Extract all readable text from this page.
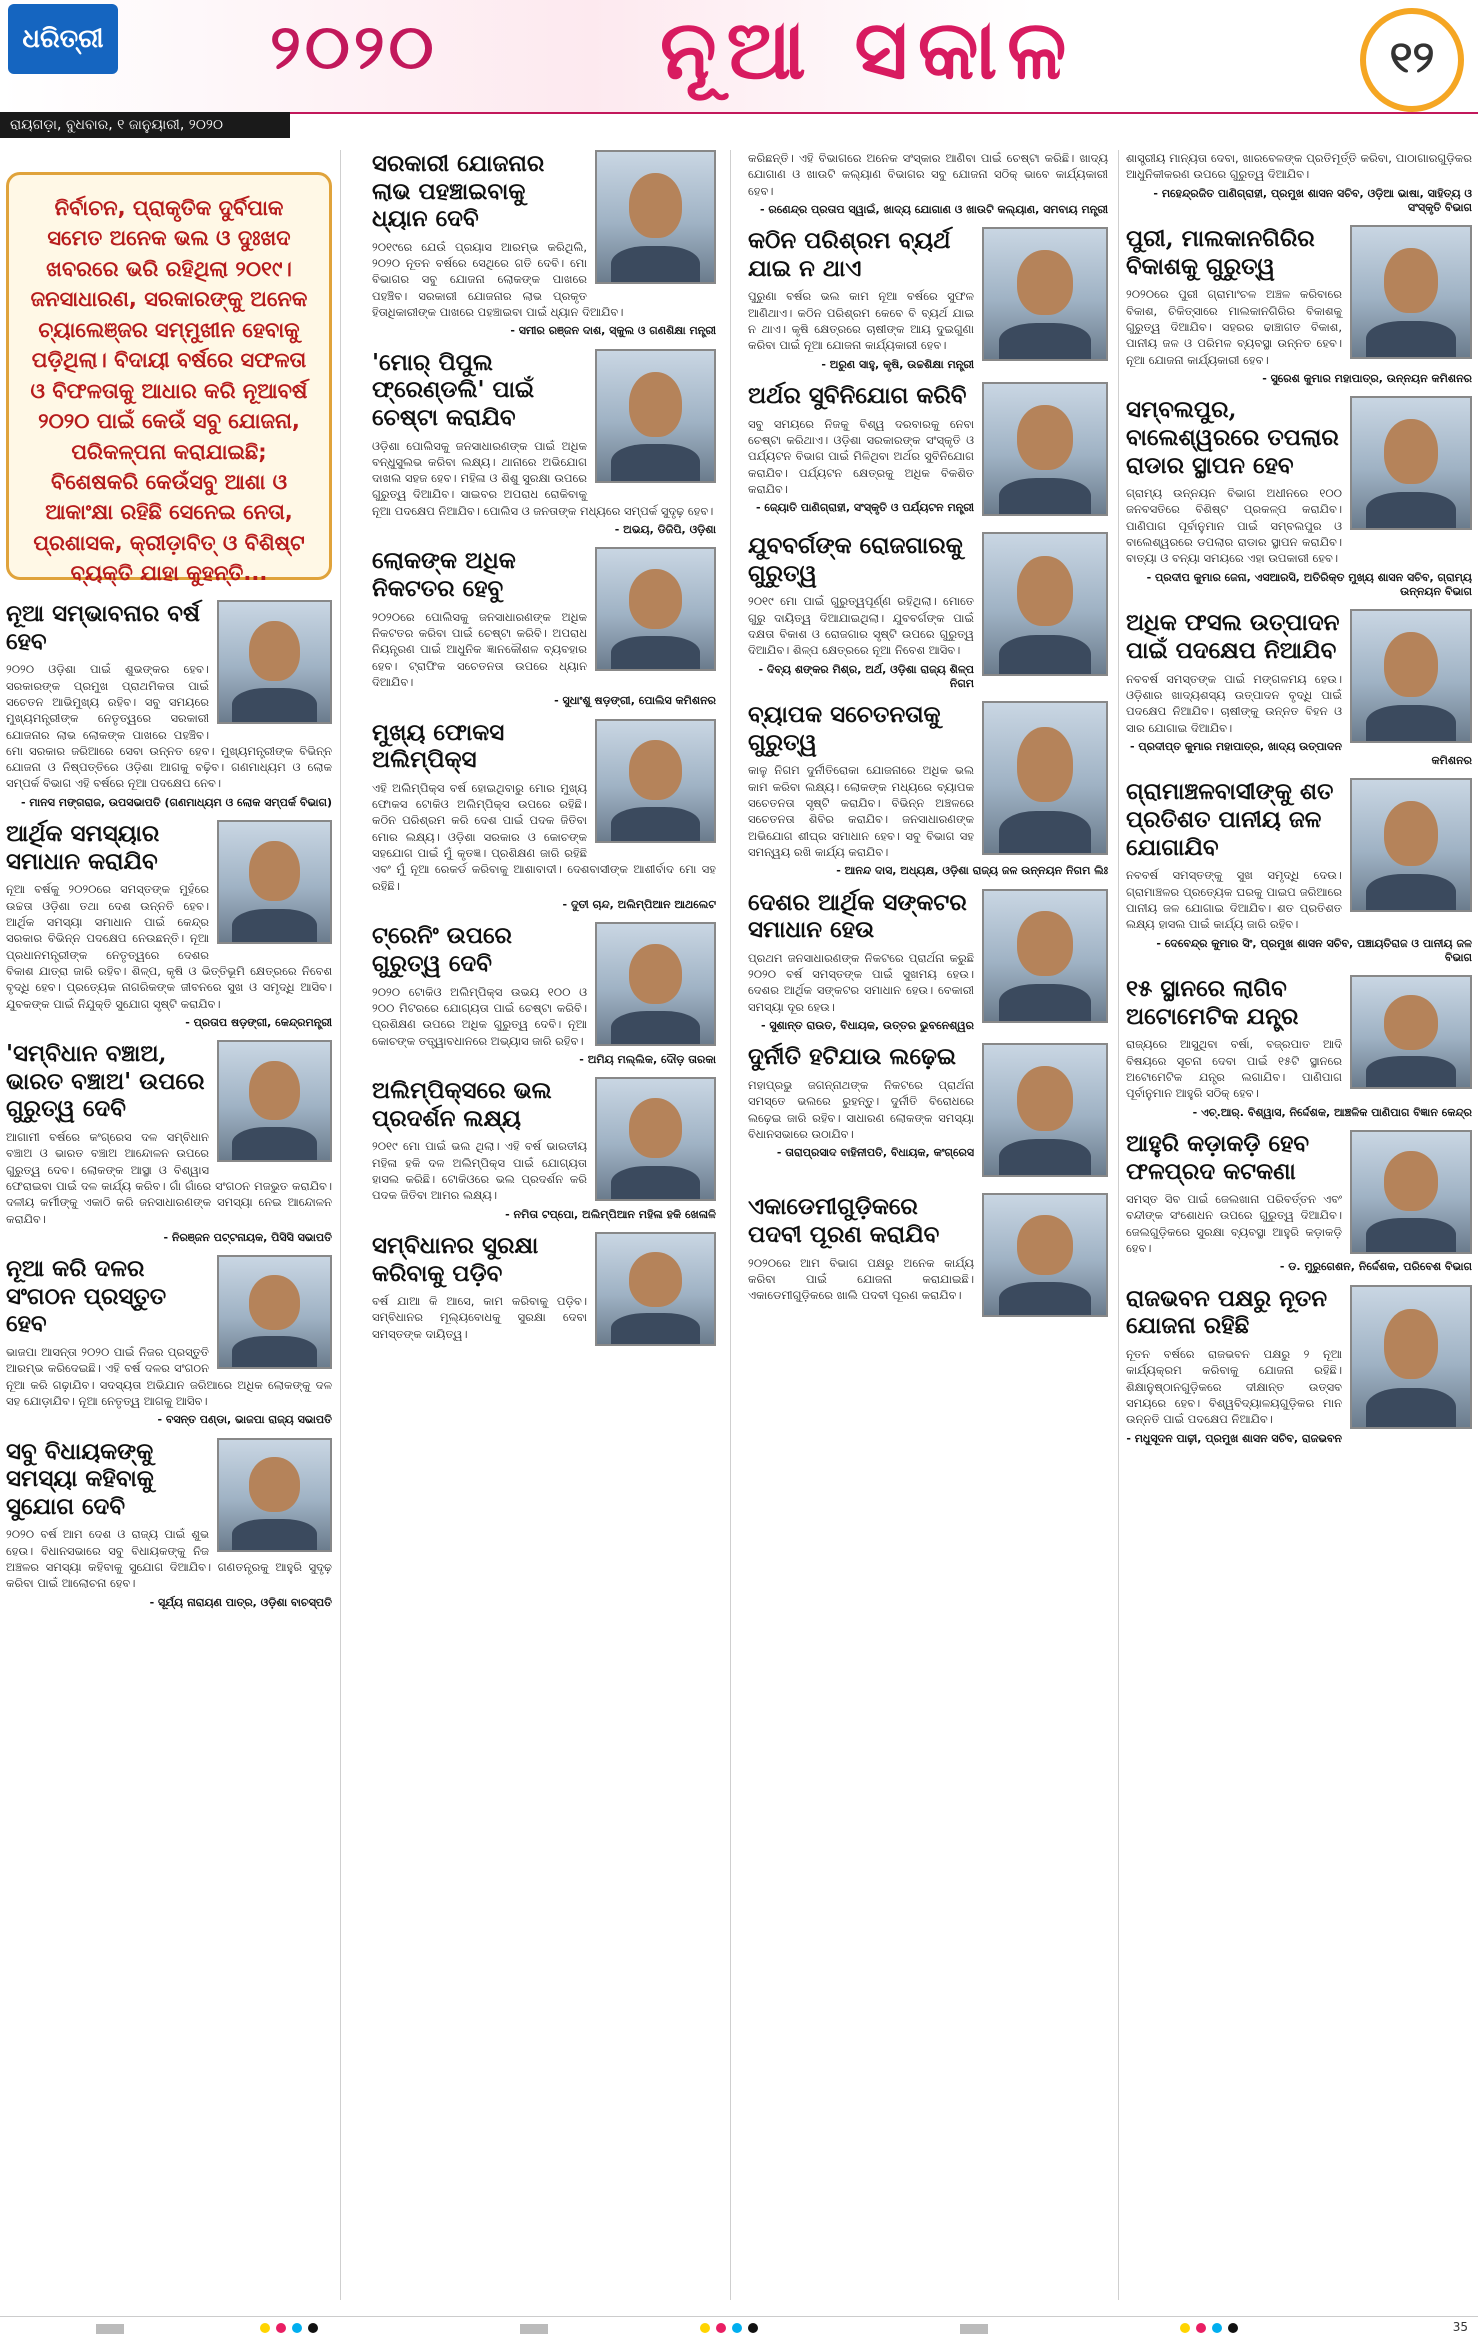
ଧରିତ୍ରୀ	୨୦୨୦	ନୂଆ ସକାଳ	୧୨
ରାୟଗଡ଼ା, ବୁଧବାର, ୧ ଜାନୁୟାରୀ, ୨୦୨୦
ନିର୍ବାଚନ, ପ୍ରାକୃତିକ ଦୁର୍ବିପାକ ସମେତ ଅନେକ ଭଲ ଓ ଦୁଃଖଦ ଖବରରେ ଭରି ରହିଥିଲା ୨୦୧୯। ଜନସାଧାରଣ, ସରକାରଙ୍କୁ ଅନେକ ଚ୍ୟାଲେଞ୍ଜର ସମ୍ମୁଖୀନ ହେବାକୁ ପଡ଼ିଥିଲା। ବିଦାୟୀ ବର୍ଷରେ ସଫଳତା ଓ ବିଫଳତାକୁ ଆଧାର କରି ନୂଆବର୍ଷ ୨୦୨୦ ପାଇଁ କେଉଁ ସବୁ ଯୋଜନା, ପରିକଳ୍ପନା କରାଯାଇଛି; ବିଶେଷକରି କେଉଁସବୁ ଆଶା ଓ ଆକାଂକ୍ଷା ରହିଛି ସେନେଇ ନେତା, ପ୍ରଶାସକ, କ୍ରୀଡ଼ାବିତ୍ ଓ ବିଶିଷ୍ଟ ବ୍ୟକ୍ତି ଯାହା କୁହନ୍ତି...
ନୂଆ ସମ୍ଭାବନାର ବର୍ଷ ହେବ

୨୦୨୦ ଓଡ଼ିଶା ପାଇଁ ଶୁଭଙ୍କର ହେବ। ସରକାରଙ୍କ ପ୍ରମୁଖ ପ୍ରାଥମିକତା ପାଇଁ ସଚେତନ ଆଭିମୁଖ୍ୟ ରହିବ। ସବୁ ସମୟରେ ମୁଖ୍ୟମନ୍ତ୍ରୀଙ୍କ ନେତୃତ୍ୱରେ ସରକାରୀ ଯୋଜନାର ଲାଭ ଲୋକଙ୍କ ପାଖରେ ପହଞ୍ଚିବ। ମୋ ସରକାର ଜରିଆରେ ସେବା ଉନ୍ନତ ହେବ। ମୁଖ୍ୟମନ୍ତ୍ରୀଙ୍କ ବିଭିନ୍ନ ଯୋଜନା ଓ ନିଷ୍ପତ୍ତିରେ ଓଡ଼ିଶା ଆଗକୁ ବଢ଼ିବ। ଗଣମାଧ୍ୟମ ଓ ଲୋକ ସମ୍ପର୍କ ବିଭାଗ ଏହି ବର୍ଷରେ ନୂଆ ପଦକ୍ଷେପ ନେବ।

- ମାନସ ମଙ୍ଗରାଜ, ଉପସଭାପତି (ଗଣମାଧ୍ୟମ ଓ ଲୋକ ସମ୍ପର୍କ ବିଭାଗ)
ଆର୍ଥିକ ସମସ୍ୟାର ସମାଧାନ କରାଯିବ

ନୂଆ ବର୍ଷକୁ ୨୦୨୦ରେ ସମସ୍ତଙ୍କ ମୁହଁରେ ଉଚ୍ଚତା ଓଡ଼ିଶା ତଥା ଦେଶ ଉନ୍ନତି ହେବ। ଆର୍ଥିକ ସମସ୍ୟା ସମାଧାନ ପାଇଁ କେନ୍ଦ୍ର ସରକାର ବିଭିନ୍ନ ପଦକ୍ଷେପ ନେଉଛନ୍ତି। ନୂଆ ପ୍ରଧାନମନ୍ତ୍ରୀଙ୍କ ନେତୃତ୍ୱରେ ଦେଶର ବିକାଶ ଯାତ୍ରା ଜାରି ରହିବ। ଶିଳ୍ପ, କୃଷି ଓ ଭିତ୍ତିଭୂମି କ୍ଷେତ୍ରରେ ନିବେଶ ବୃଦ୍ଧି ହେବ। ପ୍ରତ୍ୟେକ ନାଗରିକଙ୍କ ଜୀବନରେ ସୁଖ ଓ ସମୃଦ୍ଧି ଆସିବ। ଯୁବକଙ୍କ ପାଇଁ ନିଯୁକ୍ତି ସୁଯୋଗ ସୃଷ୍ଟି କରାଯିବ।

- ପ୍ରତାପ ଷଡ଼ଙ୍ଗୀ, କେନ୍ଦ୍ରମନ୍ତ୍ରୀ
'ସମ୍ବିଧାନ ବଞ୍ଚାଅ, ଭାରତ ବଞ୍ଚାଅ' ଉପରେ ଗୁରୁତ୍ୱ ଦେବି

ଆଗାମୀ ବର୍ଷରେ କଂଗ୍ରେସ ଦଳ ସମ୍ବିଧାନ ବଞ୍ଚାଅ ଓ ଭାରତ ବଞ୍ଚାଅ ଆନ୍ଦୋଳନ ଉପରେ ଗୁରୁତ୍ୱ ଦେବ। ଲୋକଙ୍କ ଆସ୍ଥା ଓ ବିଶ୍ୱାସ ଫେରାଇବା ପାଇଁ ଦଳ କାର୍ଯ୍ୟ କରିବ। ଗାଁ ଗାଁରେ ସଂଗଠନ ମଜଭୁତ କରାଯିବ। ଦଳୀୟ କର୍ମୀଙ୍କୁ ଏକାଠି କରି ଜନସାଧାରଣଙ୍କ ସମସ୍ୟା ନେଇ ଆନ୍ଦୋଳନ କରାଯିବ।

- ନିରଞ୍ଜନ ପଟ୍ଟନାୟକ, ପିସିସି ସଭାପତି
ନୂଆ କରି ଦଳର ସଂଗଠନ ପ୍ରସ୍ତୁତ ହେବ

ଭାଜପା ଆସନ୍ତା ୨୦୨୦ ପାଇଁ ନିଜର ପ୍ରସ୍ତୁତି ଆରମ୍ଭ କରିଦେଇଛି। ଏହି ବର୍ଷ ଦଳର ସଂଗଠନ ନୂଆ କରି ଗଢ଼ାଯିବ। ସଦସ୍ୟତା ଅଭିଯାନ ଜରିଆରେ ଅଧିକ ଲୋକଙ୍କୁ ଦଳ ସହ ଯୋଡ଼ାଯିବ। ନୂଆ ନେତୃତ୍ୱ ଆଗକୁ ଆସିବ।

- ବସନ୍ତ ପଣ୍ଡା, ଭାଜପା ରାଜ୍ୟ ସଭାପତି
ସବୁ ବିଧାୟକଙ୍କୁ ସମସ୍ୟା କହିବାକୁ ସୁଯୋଗ ଦେବି

୨୦୨୦ ବର୍ଷ ଆମ ଦେଶ ଓ ରାଜ୍ୟ ପାଇଁ ଶୁଭ ହେଉ। ବିଧାନସଭାରେ ସବୁ ବିଧାୟକଙ୍କୁ ନିଜ ଅଞ୍ଚଳର ସମସ୍ୟା କହିବାକୁ ସୁଯୋଗ ଦିଆଯିବ। ଗଣତନ୍ତ୍ରକୁ ଆହୁରି ସୁଦୃଢ଼ କରିବା ପାଇଁ ଆଲୋଚନା ହେବ।

- ସୂର୍ଯ୍ୟ ନାରାୟଣ ପାତ୍ର, ଓଡ଼ିଶା ବାଚସ୍ପତି
ସରକାରୀ ଯୋଜନାର ଲାଭ ପହଞ୍ଚାଇବାକୁ ଧ୍ୟାନ ଦେବି

୨୦୧୯ରେ ଯେଉଁ ପ୍ରୟାସ ଆରମ୍ଭ କରିଥିଲି, ୨୦୨୦ ନୂତନ ବର୍ଷରେ ସେଥିରେ ଗତି ଦେବି। ମୋ ବିଭାଗର ସବୁ ଯୋଜନା ଲୋକଙ୍କ ପାଖରେ ପହଞ୍ଚିବ। ସରକାରୀ ଯୋଜନାର ଲାଭ ପ୍ରକୃତ ହିତାଧିକାରୀଙ୍କ ପାଖରେ ପହଞ୍ଚାଇବା ପାଇଁ ଧ୍ୟାନ ଦିଆଯିବ।

- ସମୀର ରଞ୍ଜନ ଦାଶ, ସ୍କୁଲ ଓ ଗଣଶିକ୍ଷା ମନ୍ତ୍ରୀ
'ମୋର୍ ପିପୁଲ ଫ୍ରେଣ୍ଡଲି' ପାଇଁ ଚେଷ୍ଟା କରାଯିବ

ଓଡ଼ିଶା ପୋଲିସକୁ ଜନସାଧାରଣଙ୍କ ପାଇଁ ଅଧିକ ବନ୍ଧୁସୁଲଭ କରିବା ଲକ୍ଷ୍ୟ। ଥାନାରେ ଅଭିଯୋଗ ଦାଖଲ ସହଜ ହେବ। ମହିଳା ଓ ଶିଶୁ ସୁରକ୍ଷା ଉପରେ ଗୁରୁତ୍ୱ ଦିଆଯିବ। ସାଇବର ଅପରାଧ ରୋକିବାକୁ ନୂଆ ପଦକ୍ଷେପ ନିଆଯିବ। ପୋଲିସ ଓ ଜନତାଙ୍କ ମଧ୍ୟରେ ସମ୍ପର୍କ ସୁଦୃଢ଼ ହେବ।

- ଅଭୟ, ଡିଜିପି, ଓଡ଼ିଶା
ଲୋକଙ୍କ ଅଧିକ ନିକଟତର ହେବୁ

୨୦୨୦ରେ ପୋଲିସକୁ ଜନସାଧାରଣଙ୍କ ଅଧିକ ନିକଟତର କରିବା ପାଇଁ ଚେଷ୍ଟା କରିବି। ଅପରାଧ ନିୟନ୍ତ୍ରଣ ପାଇଁ ଆଧୁନିକ ଜ୍ଞାନକୌଶଳ ବ୍ୟବହାର ହେବ। ଟ୍ରାଫିକ ସଚେତନତା ଉପରେ ଧ୍ୟାନ ଦିଆଯିବ।

- ସୁଧାଂଶୁ ଷଡ଼ଙ୍ଗୀ, ପୋଲିସ କମିଶନର
ମୁଖ୍ୟ ଫୋକସ ଅଲିମ୍ପିକ୍ସ

ଏହି ଅଲିମ୍ପିକ୍ସ ବର୍ଷ ହୋଇଥିବାରୁ ମୋର ମୁଖ୍ୟ ଫୋକସ ଟୋକିଓ ଅଲିମ୍ପିକ୍ସ ଉପରେ ରହିଛି। କଠିନ ପରିଶ୍ରମ କରି ଦେଶ ପାଇଁ ପଦକ ଜିତିବା ମୋର ଲକ୍ଷ୍ୟ। ଓଡ଼ିଶା ସରକାର ଓ କୋଚଙ୍କ ସହଯୋଗ ପାଇଁ ମୁଁ କୃତଜ୍ଞ। ପ୍ରଶିକ୍ଷଣ ଜାରି ରହିଛି ଏବଂ ମୁଁ ନୂଆ ରେକର୍ଡ କରିବାକୁ ଆଶାବାଦୀ। ଦେଶବାସୀଙ୍କ ଆଶୀର୍ବାଦ ମୋ ସହ ରହିଛି।

- ଦୁତୀ ଚାନ୍ଦ, ଅଲିମ୍ପିଆନ ଆଥଲେଟ
ଟ୍ରେନିଂ ଉପରେ ଗୁରୁତ୍ୱ ଦେବି

୨୦୨୦ ଟୋକିଓ ଅଲିମ୍ପିକ୍ସ ଉଭୟ ୧୦୦ ଓ ୨୦୦ ମିଟରରେ ଯୋଗ୍ୟତା ପାଇଁ ଚେଷ୍ଟା କରିବି। ପ୍ରଶିକ୍ଷଣ ଉପରେ ଅଧିକ ଗୁରୁତ୍ୱ ଦେବି। ନୂଆ କୋଚଙ୍କ ତତ୍ତ୍ୱାବଧାନରେ ଅଭ୍ୟାସ ଜାରି ରହିବ।

- ଅମିୟ ମଲ୍ଲିକ, ଦୌଡ଼ ତାରକା
ଅଲିମ୍ପିକ୍ସରେ ଭଲ ପ୍ରଦର୍ଶନ ଲକ୍ଷ୍ୟ

୨୦୧୯ ମୋ ପାଇଁ ଭଲ ଥିଲା। ଏହି ବର୍ଷ ଭାରତୀୟ ମହିଳା ହକି ଦଳ ଅଲିମ୍ପିକ୍ସ ପାଇଁ ଯୋଗ୍ୟତା ହାସଲ କରିଛି। ଟୋକିଓରେ ଭଲ ପ୍ରଦର୍ଶନ କରି ପଦକ ଜିତିବା ଆମର ଲକ୍ଷ୍ୟ।

- ନମିତା ଟପ୍ପୋ, ଅଲିମ୍ପିଆନ ମହିଳା ହକି ଖେଳାଳି
ସମ୍ବିଧାନର ସୁରକ୍ଷା କରିବାକୁ ପଡ଼ିବ

ବର୍ଷ ଯାଆ କି ଆସେ, କାମ କରିବାକୁ ପଡ଼ିବ। ସମ୍ବିଧାନର ମୂଲ୍ୟବୋଧକୁ ସୁରକ୍ଷା ଦେବା ସମସ୍ତଙ୍କ ଦାୟିତ୍ୱ।

କରିଛନ୍ତି। ଏହି ବିଭାଗରେ ଅନେକ ସଂସ୍କାର ଆଣିବା ପାଇଁ ଚେଷ୍ଟା କରିଛି। ଖାଦ୍ୟ ଯୋଗାଣ ଓ ଖାଉଟି କଲ୍ୟାଣ ବିଭାଗର ସବୁ ଯୋଜନା ସଠିକ୍ ଭାବେ କାର୍ଯ୍ୟକାରୀ ହେବ।

- ରଣେନ୍ଦ୍ର ପ୍ରତାପ ସ୍ୱାଇଁ, ଖାଦ୍ୟ ଯୋଗାଣ ଓ ଖାଉଟି କଲ୍ୟାଣ, ସମବାୟ ମନ୍ତ୍ରୀ
କଠିନ ପରିଶ୍ରମ ବ୍ୟର୍ଥ ଯାଇ ନ ଥାଏ

ପୁରୁଣା ବର୍ଷର ଭଲ କାମ ନୂଆ ବର୍ଷରେ ସୁଫଳ ଆଣିଥାଏ। କଠିନ ପରିଶ୍ରମ କେବେ ବି ବ୍ୟର୍ଥ ଯାଇ ନ ଥାଏ। କୃଷି କ୍ଷେତ୍ରରେ ଚାଷୀଙ୍କ ଆୟ ଦୁଇଗୁଣା କରିବା ପାଇଁ ନୂଆ ଯୋଜନା କାର୍ଯ୍ୟକାରୀ ହେବ।

- ଅରୁଣ ସାହୁ, କୃଷି, ଉଚ୍ଚଶିକ୍ଷା ମନ୍ତ୍ରୀ
ଅର୍ଥର ସୁବିନିଯୋଗ କରିବି

ସବୁ ସମୟରେ ନିଜକୁ ବିଶ୍ୱ ଦରବାରକୁ ନେବା ଚେଷ୍ଟା କରିଥାଏ। ଓଡ଼ିଶା ସରକାରଙ୍କ ସଂସ୍କୃତି ଓ ପର୍ଯ୍ୟଟନ ବିଭାଗ ପାଇଁ ମିଳିଥିବା ଅର୍ଥର ସୁବିନିଯୋଗ କରାଯିବ। ପର୍ଯ୍ୟଟନ କ୍ଷେତ୍ରକୁ ଅଧିକ ବିକଶିତ କରାଯିବ।

- ଜ୍ୟୋତି ପାଣିଗ୍ରାହୀ, ସଂସ୍କୃତି ଓ ପର୍ଯ୍ୟଟନ ମନ୍ତ୍ରୀ
ଯୁବବର୍ଗଙ୍କ ରୋଜଗାରକୁ ଗୁରୁତ୍ୱ

୨୦୧୯ ମୋ ପାଇଁ ଗୁରୁତ୍ୱପୂର୍ଣ୍ଣ ରହିଥିଲା। ମୋତେ ଗୁରୁ ଦାୟିତ୍ୱ ଦିଆଯାଇଥିଲା। ଯୁବବର୍ଗଙ୍କ ପାଇଁ ଦକ୍ଷତା ବିକାଶ ଓ ରୋଜଗାର ସୃଷ୍ଟି ଉପରେ ଗୁରୁତ୍ୱ ଦିଆଯିବ। ଶିଳ୍ପ କ୍ଷେତ୍ରରେ ନୂଆ ନିବେଶ ଆସିବ।

- ଦିବ୍ୟ ଶଙ୍କର ମିଶ୍ର, ଅର୍ଥ, ଓଡ଼ିଶା ରାଜ୍ୟ ଶିଳ୍ପ ନିଗମ
ବ୍ୟାପକ ସଚେତନତାକୁ ଗୁରୁତ୍ୱ

କାଳୁ ନିଗମ ଦୁର୍ନୀତିରୋକା ଯୋଜନାରେ ଅଧିକ ଭଲ କାମ କରିବା ଲକ୍ଷ୍ୟ। ଲୋକଙ୍କ ମଧ୍ୟରେ ବ୍ୟାପକ ସଚେତନତା ସୃଷ୍ଟି କରାଯିବ। ବିଭିନ୍ନ ଅଞ୍ଚଳରେ ସଚେତନତା ଶିବିର କରାଯିବ। ଜନସାଧାରଣଙ୍କ ଅଭିଯୋଗ ଶୀଘ୍ର ସମାଧାନ ହେବ। ସବୁ ବିଭାଗ ସହ ସମନ୍ୱୟ ରଖି କାର୍ଯ୍ୟ କରାଯିବ।

- ଆନନ୍ଦ ଦାସ, ଅଧ୍ୟକ୍ଷ, ଓଡ଼ିଶା ରାଜ୍ୟ ଜଳ ଉନ୍ନୟନ ନିଗମ ଲିଃ
ଦେଶର ଆର୍ଥିକ ସଙ୍କଟର ସମାଧାନ ହେଉ

ପ୍ରଥମ ଜନସାଧାରଣଙ୍କ ନିକଟରେ ପ୍ରାର୍ଥନା କରୁଛି ୨୦୨୦ ବର୍ଷ ସମସ୍ତଙ୍କ ପାଇଁ ସୁଖମୟ ହେଉ। ଦେଶର ଆର୍ଥିକ ସଙ୍କଟର ସମାଧାନ ହେଉ। ବେକାରୀ ସମସ୍ୟା ଦୂର ହେଉ।

- ସୁଶାନ୍ତ ରାଉତ, ବିଧାୟକ, ଉତ୍ତର ଭୁବନେଶ୍ୱର
ଦୁର୍ନୀତି ହଟିଯାଉ ଲଢ଼େଇ

ମହାପ୍ରଭୁ ଜଗନ୍ନାଥଙ୍କ ନିକଟରେ ପ୍ରାର୍ଥନା ସମସ୍ତେ ଭଲରେ ରୁହନ୍ତୁ। ଦୁର୍ନୀତି ବିରୋଧରେ ଲଢ଼େଇ ଜାରି ରହିବ। ସାଧାରଣ ଲୋକଙ୍କ ସମସ୍ୟା ବିଧାନସଭାରେ ଉଠାଯିବ।

- ତାରାପ୍ରସାଦ ବାହିନୀପତି, ବିଧାୟକ, କଂଗ୍ରେସ
ଏକାଡେମୀଗୁଡ଼ିକରେ ପଦବୀ ପୂରଣ କରାଯିବ

୨୦୨୦ରେ ଆମ ବିଭାଗ ପକ୍ଷରୁ ଅନେକ କାର୍ଯ୍ୟ କରିବା ପାଇଁ ଯୋଜନା କରାଯାଇଛି। ଏକାଡେମୀଗୁଡ଼ିକରେ ଖାଲି ପଦବୀ ପୂରଣ କରାଯିବ।

ଶାସ୍ତ୍ରୀୟ ମାନ୍ୟତା ଦେବା, ଖାରବେଳଙ୍କ ପ୍ରତିମୂର୍ତ୍ତି କରିବା, ପାଠାଗାରଗୁଡ଼ିକର ଆଧୁନିକୀକରଣ ଉପରେ ଗୁରୁତ୍ୱ ଦିଆଯିବ।

- ମହେନ୍ଦ୍ରଜିତ ପାଣିଗ୍ରାହୀ, ପ୍ରମୁଖ ଶାସନ ସଚିବ, ଓଡ଼ିଆ ଭାଷା, ସାହିତ୍ୟ ଓ ସଂସ୍କୃତି ବିଭାଗ
ପୁରୀ, ମାଲକାନଗିରିର ବିକାଶକୁ ଗୁରୁତ୍ୱ

୨୦୨୦ରେ ପୁରୀ ଗ୍ରାମାଂଚଳ ଅଞ୍ଚଳ କରିବାରେ ବିକାଶ, ଚିକିତ୍ସାରେ ମାଲକାନଗିରିର ବିକାଶକୁ ଗୁରୁତ୍ୱ ଦିଆଯିବ। ସହରର ଢାଞ୍ଚାଗତ ବିକାଶ, ପାନୀୟ ଜଳ ଓ ପରିମଳ ବ୍ୟବସ୍ଥା ଉନ୍ନତ ହେବ। ନୂଆ ଯୋଜନା କାର୍ଯ୍ୟକାରୀ ହେବ।

- ସୁରେଶ କୁମାର ମହାପାତ୍ର, ଉନ୍ନୟନ କମିଶନର
ସମ୍ବଲପୁର, ବାଲେଶ୍ୱରରେ ତପଲାର ରାଡାର ସ୍ଥାପନ ହେବ

ଗ୍ରାମ୍ୟ ଉନ୍ନୟନ ବିଭାଗ ଅଧୀନରେ ୧୦୦ ଜନବସତିରେ ବିଶିଷ୍ଟ ପ୍ରକଳ୍ପ କରାଯିବ। ପାଣିପାଗ ପୂର୍ବାନୁମାନ ପାଇଁ ସମ୍ବଲପୁର ଓ ବାଲେଶ୍ୱରରେ ଡପଲାର ରାଡାର ସ୍ଥାପନ କରାଯିବ। ବାତ୍ୟା ଓ ବନ୍ୟା ସମୟରେ ଏହା ଉପକାରୀ ହେବ।

- ପ୍ରଦୀପ କୁମାର ଜେନା, ଏସଆରସି, ଅତିରିକ୍ତ ମୁଖ୍ୟ ଶାସନ ସଚିବ, ଗ୍ରାମ୍ୟ ଉନ୍ନୟନ ବିଭାଗ
ଅଧିକ ଫସଲ ଉତ୍ପାଦନ ପାଇଁ ପଦକ୍ଷେପ ନିଆଯିବ

ନବବର୍ଷ ସମସ୍ତଙ୍କ ପାଇଁ ମଙ୍ଗଳମୟ ହେଉ। ଓଡ଼ିଶାର ଖାଦ୍ୟଶସ୍ୟ ଉତ୍ପାଦନ ବୃଦ୍ଧି ପାଇଁ ପଦକ୍ଷେପ ନିଆଯିବ। ଚାଷୀଙ୍କୁ ଉନ୍ନତ ବିହନ ଓ ସାର ଯୋଗାଇ ଦିଆଯିବ।

- ପ୍ରଦୀପ୍ତ କୁମାର ମହାପାତ୍ର, ଖାଦ୍ୟ ଉତ୍ପାଦନ କମିଶନର
ଗ୍ରାମାଞ୍ଚଳବାସୀଙ୍କୁ ଶତ ପ୍ରତିଶତ ପାନୀୟ ଜଳ ଯୋଗାଯିବ

ନବବର୍ଷ ସମସ୍ତଙ୍କୁ ସୁଖ ସମୃଦ୍ଧି ଦେଉ। ଗ୍ରାମାଞ୍ଚଳର ପ୍ରତ୍ୟେକ ଘରକୁ ପାଇପ ଜରିଆରେ ପାନୀୟ ଜଳ ଯୋଗାଇ ଦିଆଯିବ। ଶତ ପ୍ରତିଶତ ଲକ୍ଷ୍ୟ ହାସଲ ପାଇଁ କାର୍ଯ୍ୟ ଜାରି ରହିବ।

- ଦେବେନ୍ଦ୍ର କୁମାର ସିଂ, ପ୍ରମୁଖ ଶାସନ ସଚିବ, ପଞ୍ଚାୟତିରାଜ ଓ ପାନୀୟ ଜଳ ବିଭାଗ
୧୫ ସ୍ଥାନରେ ଲାଗିବ ଅଟୋମେଟିକ ଯନ୍ତ୍ର

ରାଜ୍ୟରେ ଆସୁଥିବା ବର୍ଷା, ବଜ୍ରପାତ ଆଦି ବିଷୟରେ ସୂଚନା ଦେବା ପାଇଁ ୧୫ଟି ସ୍ଥାନରେ ଅଟୋମେଟିକ ଯନ୍ତ୍ର ଲଗାଯିବ। ପାଣିପାଗ ପୂର୍ବାନୁମାନ ଆହୁରି ସଠିକ୍ ହେବ।

- ଏଚ୍.ଆର୍. ବିଶ୍ୱାସ, ନିର୍ଦ୍ଦେଶକ, ଆଞ୍ଚଳିକ ପାଣିପାଗ ବିଜ୍ଞାନ କେନ୍ଦ୍ର
ଆହୁରି କଡ଼ାକଡ଼ି ହେବ ଫଳପ୍ରଦ କଟକଣା

ସମସ୍ତ ସିବ ପାଇଁ ଜେଲଖାନା ପରିବର୍ତ୍ତନ ଏବଂ ବନ୍ଦୀଙ୍କ ସଂଶୋଧନ ଉପରେ ଗୁରୁତ୍ୱ ଦିଆଯିବ। ଜେଲଗୁଡ଼ିକରେ ସୁରକ୍ଷା ବ୍ୟବସ୍ଥା ଆହୁରି କଡ଼ାକଡ଼ି ହେବ।

- ଡ. ମୁରୁଗେଶନ, ନିର୍ଦ୍ଦେଶକ, ପରିବେଶ ବିଭାଗ
ରାଜଭବନ ପକ୍ଷରୁ ନୂତନ ଯୋଜନା ରହିଛି

ନୂତନ ବର୍ଷରେ ରାଜଭବନ ପକ୍ଷରୁ ୨ ନୂଆ କାର୍ଯ୍ୟକ୍ରମ କରିବାକୁ ଯୋଜନା ରହିଛି। ଶିକ୍ଷାନୁଷ୍ଠାନଗୁଡ଼ିକରେ ଦୀକ୍ଷାନ୍ତ ଉତ୍ସବ ସମୟରେ ହେବ। ବିଶ୍ୱବିଦ୍ୟାଳୟଗୁଡ଼ିକର ମାନ ଉନ୍ନତି ପାଇଁ ପଦକ୍ଷେପ ନିଆଯିବ।

- ମଧୁସୂଦନ ପାଢ଼ୀ, ପ୍ରମୁଖ ଶାସନ ସଚିବ, ରାଜଭବନ
35
